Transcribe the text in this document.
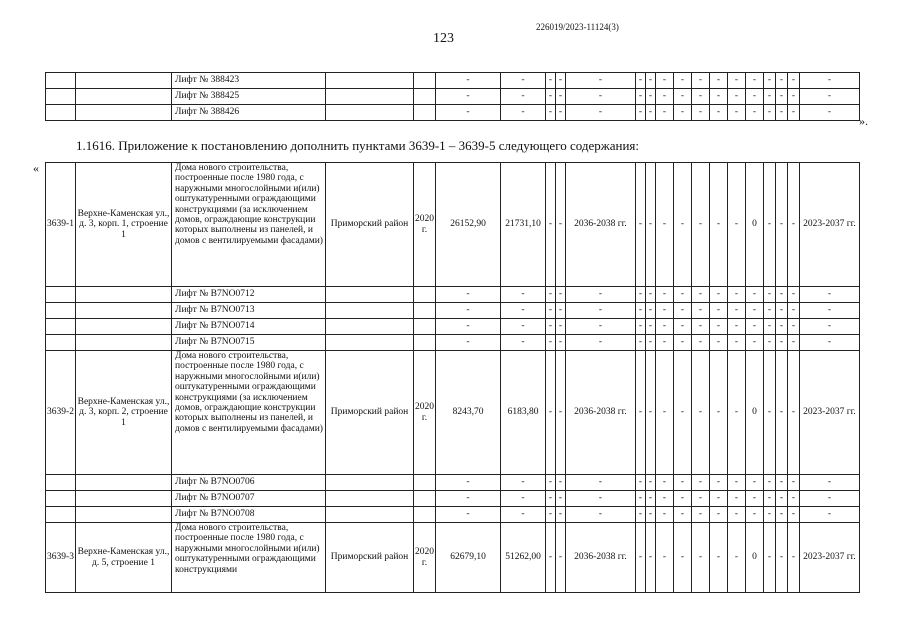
123
226019/2023-11124(3)
		Лифт № 388423			-	-	-	-	-	-	-	-	-	-	-	-	-	-	-	-	-
		Лифт № 388425			-	-	-	-	-	-	-	-	-	-	-	-	-	-	-	-	-
		Лифт № 388426			-	-	-	-	-	-	-	-	-	-	-	-	-	-	-	-	-
».
1.1616. Приложение к постановлению дополнить пунктами 3639-1 – 3639-5 следующего содержания:
«
3639-1	Верхне-Каменская ул., д. 3, корп. 1, строение 1	Дома нового строительства, построенные после 1980 года, с наружными многослойными и(или) оштукатуренными ограждающими конструкциями (за исключением домов, ограждающие конструкции которых выполнены из панелей, и домов с вентилируемыми фасадами)	Приморский район	2020 г.	26152,90	21731,10	-	-	2036-2038 гг.	-	-	-	-	-	-	-	0	-	-	-	2023-2037 гг.
		Лифт № В7NО0712			-	-	-	-	-	-	-	-	-	-	-	-	-	-	-	-	-
		Лифт № В7NО0713			-	-	-	-	-	-	-	-	-	-	-	-	-	-	-	-	-
		Лифт № В7NО0714			-	-	-	-	-	-	-	-	-	-	-	-	-	-	-	-	-
		Лифт № В7NО0715			-	-	-	-	-	-	-	-	-	-	-	-	-	-	-	-	-
3639-2	Верхне-Каменская ул., д. 3, корп. 2, строение 1	Дома нового строительства, построенные после 1980 года, с наружными многослойными и(или) оштукатуренными ограждающими конструкциями (за исключением домов, ограждающие конструкции которых выполнены из панелей, и домов с вентилируемыми фасадами)	Приморский район	2020 г.	8243,70	6183,80	-	-	2036-2038 гг.	-	-	-	-	-	-	-	0	-	-	-	2023-2037 гг.
		Лифт № В7NО0706			-	-	-	-	-	-	-	-	-	-	-	-	-	-	-	-	-
		Лифт № В7NО0707			-	-	-	-	-	-	-	-	-	-	-	-	-	-	-	-	-
		Лифт № В7NО0708			-	-	-	-	-	-	-	-	-	-	-	-	-	-	-	-	-
3639-3	Верхне-Каменская ул., д. 5, строение 1	Дома нового строительства, построенные после 1980 года, с наружными многослойными и(или) оштукатуренными ограждающими конструкциями	Приморский район	2020 г.	62679,10	51262,00	-	-	2036-2038 гг.	-	-	-	-	-	-	-	0	-	-	-	2023-2037 гг.
